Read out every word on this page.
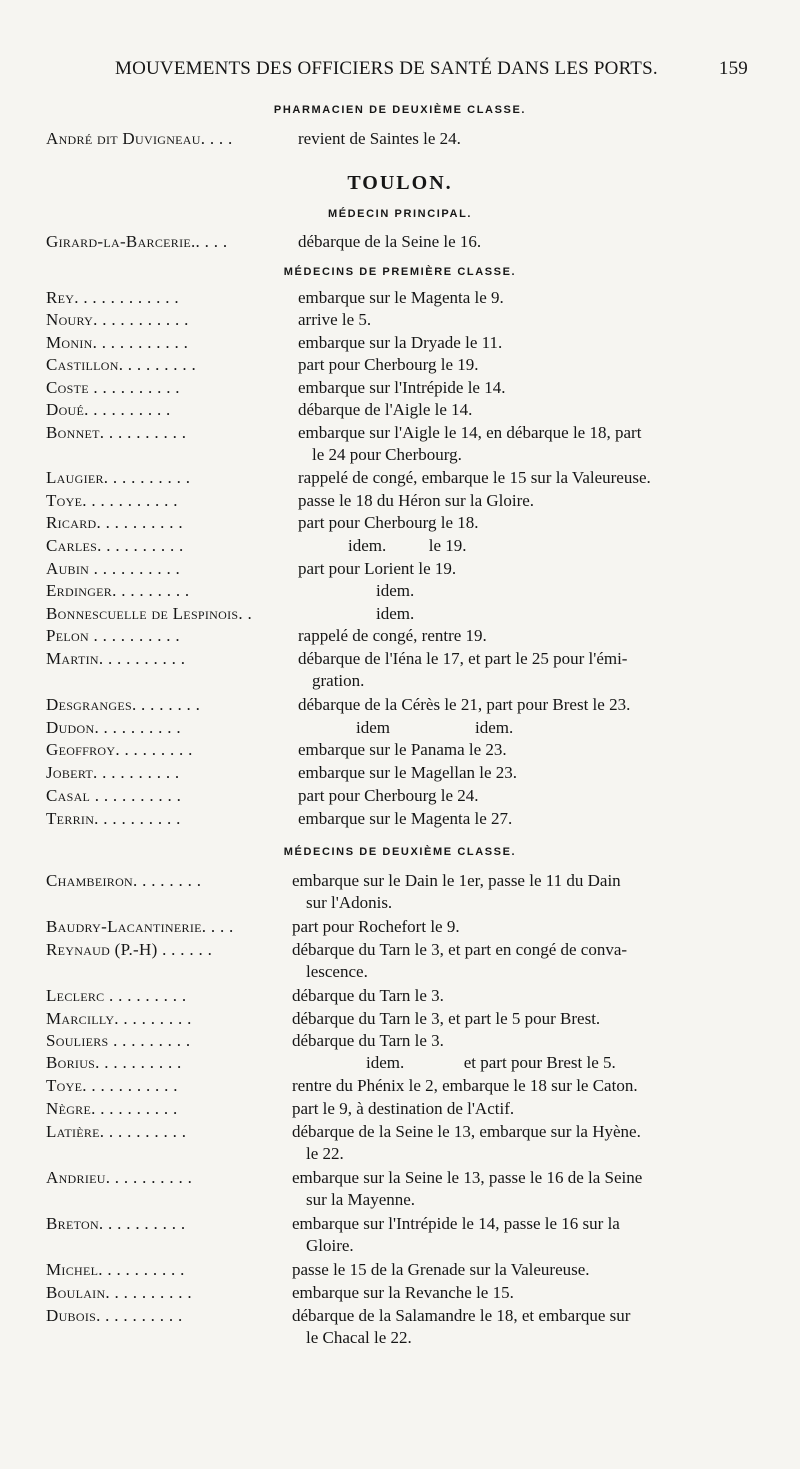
MOUVEMENTS DES OFFICIERS DE SANTÉ DANS LES PORTS.	159
PHARMACIEN DE DEUXIÈME CLASSE.
André dit Duvigneau. . . .	revient de Saintes le 24.
TOULON.
MÉDECIN PRINCIPAL.
Girard-la-Barcerie.. . . .	débarque de la Seine le 16.
MÉDECINS DE PREMIÈRE CLASSE.
Rey. . . . . . . . . . . .	embarque sur le Magenta le 9.
Noury. . . . . . . . . . .	arrive le 5.
Monin. . . . . . . . . . .	embarque sur la Dryade le 11.
Castillon. . . . . . . . .	part pour Cherbourg le 19.
Coste . . . . . . . . . .	embarque sur l'Intrépide le 14.
Doué. . . . . . . . . .	débarque de l'Aigle le 14.
Bonnet. . . . . . . . . .	embarque sur l'Aigle le 14, en débarque le 18, part
le 24 pour Cherbourg.
Laugier. . . . . . . . . .	rappelé de congé, embarque le 15 sur la Valeureuse.
Toye. . . . . . . . . . .	passe le 18 du Héron sur la Gloire.
Ricard. . . . . . . . . .	part pour Cherbourg le 18.
Carles. . . . . . . . . .	idem.          le 19.
Aubin . . . . . . . . . .	part pour Lorient le 19.
Erdinger. . . . . . . . .	idem.
Bonnescuelle de Lespinois. .	idem.
Pelon . . . . . . . . . .	rappelé de congé, rentre 19.
Martin. . . . . . . . . .	débarque de l'Iéna le 17, et part le 25 pour l'émi-
gration.
Desgranges. . . . . . . .	débarque de la Cérès le 21, part pour Brest le 23.
Dudon. . . . . . . . . .	idem                    idem.
Geoffroy. . . . . . . . .	embarque sur le Panama le 23.
Jobert. . . . . . . . . .	embarque sur le Magellan le 23.
Casal . . . . . . . . . .	part pour Cherbourg le 24.
Terrin. . . . . . . . . .	embarque sur le Magenta le 27.
MÉDECINS DE DEUXIÈME CLASSE.
Chambeiron. . . . . . . .	embarque sur le Dain le 1er, passe le 11 du Dain
sur l'Adonis.
Baudry-Lacantinerie. . . .	part pour Rochefort le 9.
Reynaud (P.-H) . . . . . .	débarque du Tarn le 3, et part en congé de conva-
lescence.
Leclerc . . . . . . . . .	débarque du Tarn le 3.
Marcilly. . . . . . . . .	débarque du Tarn le 3, et part le 5 pour Brest.
Souliers . . . . . . . . .	débarque du Tarn le 3.
Borius. . . . . . . . . .	idem.              et part pour Brest le 5.
Toye. . . . . . . . . . .	rentre du Phénix le 2, embarque le 18 sur le Caton.
Nègre. . . . . . . . . .	part le 9, à destination de l'Actif.
Latière. . . . . . . . . .	débarque de la Seine le 13, embarque sur la Hyène.
le 22.
Andrieu. . . . . . . . . .	embarque sur la Seine le 13, passe le 16 de la Seine
sur la Mayenne.
Breton. . . . . . . . . .	embarque sur l'Intrépide le 14, passe le 16 sur la
Gloire.
Michel. . . . . . . . . .	passe le 15 de la Grenade sur la Valeureuse.
Boulain. . . . . . . . . .	embarque sur la Revanche le 15.
Dubois. . . . . . . . . .	débarque de la Salamandre le 18, et embarque sur
le Chacal le 22.
